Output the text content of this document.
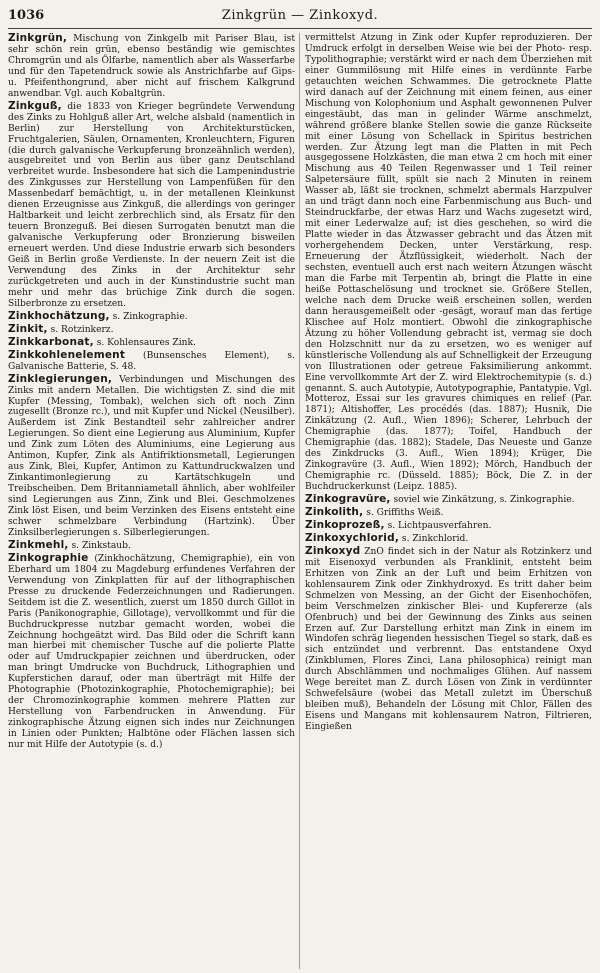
1036	Zinkgrün — Zinkoxyd.

Zinkgrün, Mischung von Zinkgelb mit Pariser Blau, ist sehr schön rein grün, ebenso beständig wie gemischtes Chromgrün und als Ölfarbe, namentlich aber als Wasserfarbe und für den Tapetendruck sowie als Anstrichfarbe auf Gips- u. Pfeifenthongrund, aber nicht auf frischem Kalkgrund anwendbar. Vgl. auch Kobaltgrün.

Zinkguß, die 1833 von Krieger begründete Verwendung des Zinks zu Hohlguß aller Art, welche alsbald (namentlich in Berlin) zur Herstellung von Architekturstücken, Fruchtgalerien, Säulen, Ornamenten, Kronleuchtern, Figuren (die durch galvanische Verkupferung bronzeähnlich werden), ausgebreitet und von Berlin aus über ganz Deutschland verbreitet wurde. Insbesondere hat sich die Lampenindustrie des Zinkgusses zur Herstellung von Lampenfüßen für den Massenbedarf bemächtigt, u. in der metallenen Kleinkunst dienen Erzeugnisse aus Zinkguß, die allerdings von geringer Haltbarkeit und leicht zerbrechlich sind, als Ersatz für den teuern Bronzeguß. Bei diesen Surrogaten benutzt man die galvanische Verkupferung oder Bronzierung bisweilen erneuert werden. Und diese Industrie erwarb sich besonders Geiß in Berlin große Verdienste. In der neuern Zeit ist die Verwendung des Zinks in der Architektur sehr zurückgetreten und auch in der Kunstindustrie sucht man mehr und mehr das brüchige Zink durch die sogen. Silberbronze zu ersetzen.

Zinkhochätzung, s. Zinkographie.

Zinkit, s. Rotzinkerz.

Zinkkarbonat, s. Kohlensaures Zink.

Zinkkohlenelement (Bunsensches Element), s. Galvanische Batterie, S. 48.

Zinklegierungen, Verbindungen und Mischungen des Zinks mit andern Metallen. Die wichtigsten Z. sind die mit Kupfer (Messing, Tombak), welchen sich oft noch Zinn zugesellt (Bronze rc.), und mit Kupfer und Nickel (Neusilber). Außerdem ist Zink Bestandteil sehr zahlreicher andrer Legierungen. So dient eine Legierung aus Aluminium, Kupfer und Zink zum Löten des Aluminiums, eine Legierung aus Antimon, Kupfer, Zink als Antifriktionsmetall, Legierungen aus Zink, Blei, Kupfer, Antimon zu Kattundruckwalzen und Zinkantimonlegierung zu Kartätschkugeln und Treibscheiben. Dem Britanniametall ähnlich, aber wohlfeiler sind Legierungen aus Zinn, Zink und Blei. Geschmolzenes Zink löst Eisen, und beim Verzinken des Eisens entsteht eine schwer schmelzbare Verbindung (Hartzink). Über Zinksilberlegierungen s. Silberlegierungen.

Zinkmehl, s. Zinkstaub.

Zinkographie (Zinkhochätzung, Chemigraphie), ein von Eberhard um 1804 zu Magdeburg erfundenes Verfahren der Verwendung von Zinkplatten für auf der lithographischen Presse zu druckende Federzeichnungen und Radierungen. Seitdem ist die Z. wesentlich, zuerst um 1850 durch Gillot in Paris (Panikonographie, Gillotage), vervollkommt und für die Buchdruckpresse nutzbar gemacht worden, wobei die Zeichnung hochgeätzt wird. Das Bild oder die Schrift kann man hierbei mit chemischer Tusche auf die polierte Platte oder auf Umdruckpapier zeichnen und überdrucken, oder man bringt Umdrucke von Buchdruck, Lithographien und Kupferstichen darauf, oder man überträgt mit Hilfe der Photographie (Photozinkographie, Photochemigraphie); bei der Chromozinkographie kommen mehrere Platten zur Herstellung von Farbendrucken in Anwendung. Für zinkographische Ätzung eignen sich indes nur Zeichnungen in Linien oder Punkten; Halbtöne oder Flächen lassen sich nur mit Hilfe der Autotypie (s. d.)

vermittelst Ätzung in Zink oder Kupfer reproduzieren. Der Umdruck erfolgt in derselben Weise wie bei der Photo- resp. Typolithographie; verstärkt wird er nach dem Überziehen mit einer Gummilösung mit Hilfe eines in verdünnte Farbe getauchten weichen Schwammes. Die getrocknete Platte wird danach auf der Zeichnung mit einem feinen, aus einer Mischung von Kolophonium und Asphalt gewonnenen Pulver eingestäubt, das man in gelinder Wärme anschmelzt, während größere blanke Stellen sowie die ganze Rückseite mit einer Lösung von Schellack in Spiritus bestrichen werden. Zur Ätzung legt man die Platten in mit Pech ausgegossene Holzkästen, die man etwa 2 cm hoch mit einer Mischung aus 40 Teilen Regenwasser und 1 Teil reiner Salpetersäure füllt, spült sie nach 2 Minuten in reinem Wasser ab, läßt sie trocknen, schmelzt abermals Harzpulver an und trägt dann noch eine Farbenmischung aus Buch- und Steindruckfarbe, der etwas Harz und Wachs zugesetzt wird, mit einer Lederwalze auf; ist dies geschehen, so wird die Platte wieder in das Ätzwasser gebracht und das Ätzen mit vorhergehendem Decken, unter Verstärkung, resp. Erneuerung der Ätzflüssigkeit, wiederholt. Nach der sechsten, eventuell auch erst nach weitern Ätzungen wäscht man die Farbe mit Terpentin ab, bringt die Platte in eine heiße Pottaschelösung und trocknet sie. Größere Stellen, welche nach dem Drucke weiß erscheinen sollen, werden dann herausgemeißelt oder -gesägt, worauf man das fertige Klischee auf Holz montiert. Obwohl die zinkographische Ätzung zu höher Vollendung gebracht ist, vermag sie doch den Holzschnitt nur da zu ersetzen, wo es weniger auf künstlerische Vollendung als auf Schnelligkeit der Erzeugung von Illustrationen oder getreue Faksimilierung ankommt. Eine vervollkommte Art der Z. wird Elektrochemitypie (s. d.) genannt. S. auch Autotypie, Autotypographie, Pantatypie. Vgl. Motteroz, Essai sur les gravures chimiques en relief (Par. 1871); Altishoffer, Les procédés (das. 1887); Husnik, Die Zinkätzung (2. Aufl., Wien 1896); Scherer, Lehrbuch der Chemigraphie (das. 1877); Toifel, Handbuch der Chemigraphie (das. 1882); Stadele, Das Neueste und Ganze des Zinkdrucks (3. Aufl., Wien 1894); Krüger, Die Zinkogravüre (3. Aufl., Wien 1892); Mörch, Handbuch der Chemigraphie rc. (Düsseld. 1885); Böck, Die Z. in der Buchdruckerkunst (Leipz. 1885).

Zinkogravüre, soviel wie Zinkätzung, s. Zinkographie.

Zinkolith, s. Griffiths Weiß.

Zinkoprozeß, s. Lichtpausverfahren.

Zinkoxychlorid, s. Zinkchlorid.

Zinkoxyd ZnO findet sich in der Natur als Rotzinkerz und mit Eisenoxyd verbunden als Franklinit, entsteht beim Erhitzen von Zink an der Luft und beim Erhitzen von kohlensaurem Zink oder Zinkhydroxyd. Es tritt daher beim Schmelzen von Messing, an der Gicht der Eisenhochöfen, beim Verschmelzen zinkischer Blei- und Kupfererze (als Ofenbruch) und bei der Gewinnung des Zinks aus seinen Erzen auf. Zur Darstellung erhitzt man Zink in einem im Windofen schräg liegenden hessischen Tiegel so stark, daß es sich entzündet und verbrennt. Das entstandene Oxyd (Zinkblumen, Flores Zinci, Lana philosophica) reinigt man durch Abschlämmen und nochmaliges Glühen. Auf nassem Wege bereitet man Z. durch Lösen von Zink in verdünnter Schwefelsäure (wobei das Metall zuletzt im Überschuß bleiben muß), Behandeln der Lösung mit Chlor, Fällen des Eisens und Mangans mit kohlensaurem Natron, Filtrieren, Eingießen
